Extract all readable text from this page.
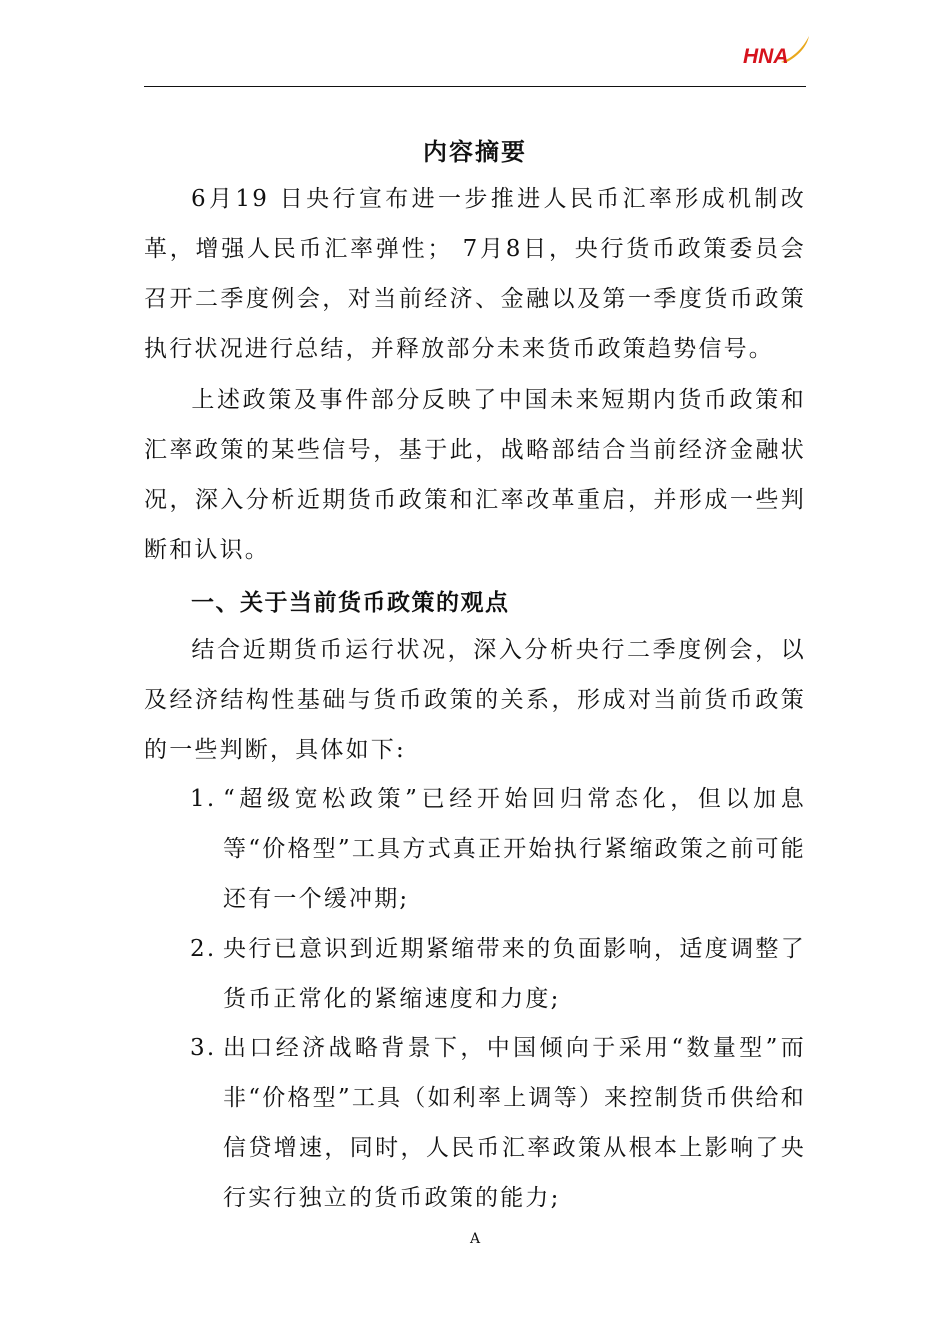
HNA
内容摘要

6月19 日央行宣布进一步推进人民币汇率形成机制改革，增强人民币汇率弹性； 7月8日，央行货币政策委员会召开二季度例会，对当前经济、金融以及第一季度货币政策执行状况进行总结，并释放部分未来货币政策趋势信号。

上述政策及事件部分反映了中国未来短期内货币政策和汇率政策的某些信号，基于此，战略部结合当前经济金融状况，深入分析近期货币政策和汇率改革重启，并形成一些判断和认识。

一、关于当前货币政策的观点

结合近期货币运行状况，深入分析央行二季度例会，以及经济结构性基础与货币政策的关系，形成对当前货币政策的一些判断，具体如下:

1. “超级宽松政策”已经开始回归常态化，但以加息等“价格型”工具方式真正开始执行紧缩政策之前可能还有一个缓冲期;
2. 央行已意识到近期紧缩带来的负面影响，适度调整了货币正常化的紧缩速度和力度;
3. 出口经济战略背景下，中国倾向于采用“数量型”而非“价格型”工具（如利率上调等）来控制货币供给和信贷增速，同时，人民币汇率政策从根本上影响了央行实行独立的货币政策的能力;
A
